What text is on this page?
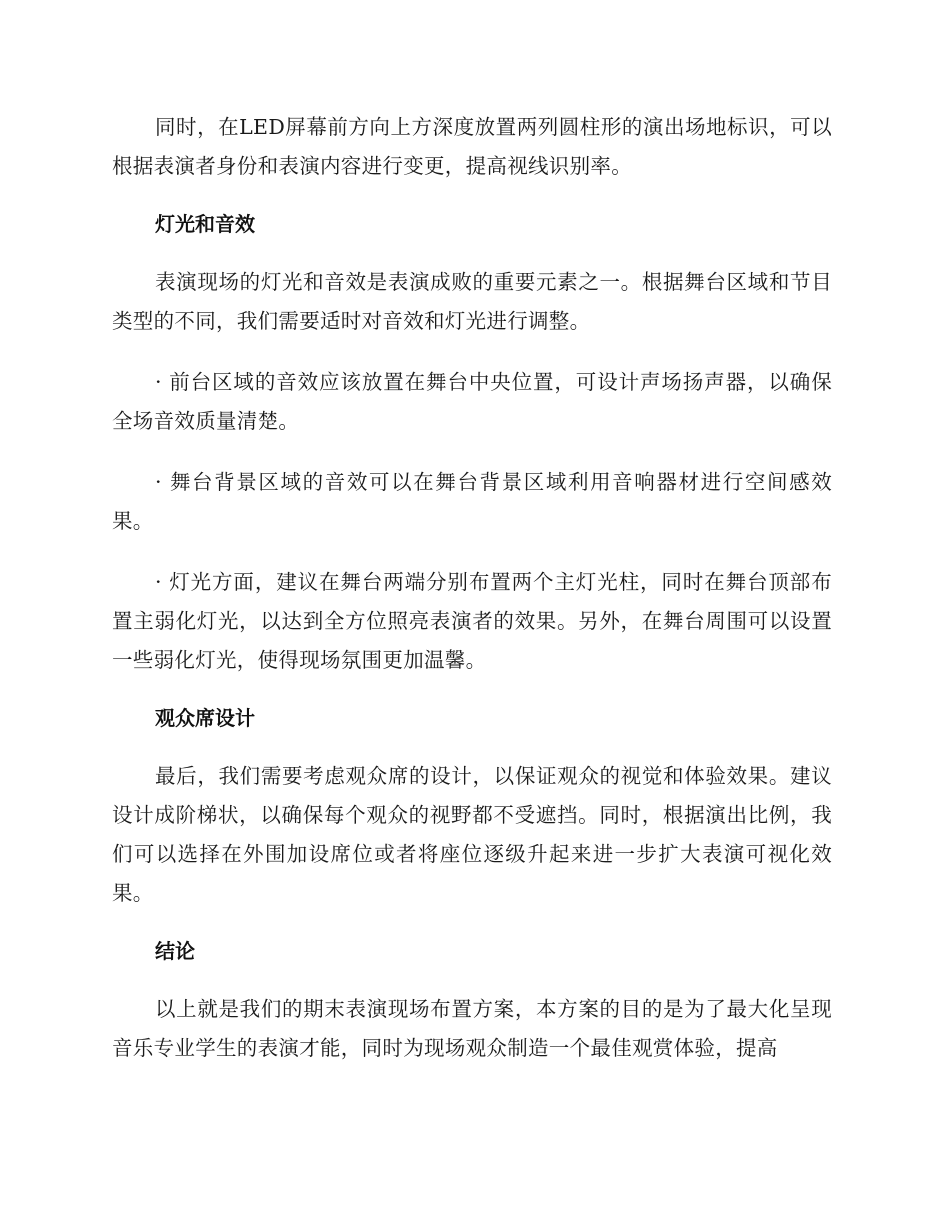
同时，在LED屏幕前方向上方深度放置两列圆柱形的演出场地标识，可以根据表演者身份和表演内容进行变更，提高视线识别率。

灯光和音效

表演现场的灯光和音效是表演成败的重要元素之一。根据舞台区域和节目类型的不同，我们需要适时对音效和灯光进行调整。

· 前台区域的音效应该放置在舞台中央位置，可设计声场扬声器，以确保全场音效质量清楚。

· 舞台背景区域的音效可以在舞台背景区域利用音响器材进行空间感效果。

· 灯光方面，建议在舞台两端分别布置两个主灯光柱，同时在舞台顶部布置主弱化灯光，以达到全方位照亮表演者的效果。另外，在舞台周围可以设置一些弱化灯光，使得现场氛围更加温馨。

观众席设计

最后，我们需要考虑观众席的设计，以保证观众的视觉和体验效果。建议设计成阶梯状，以确保每个观众的视野都不受遮挡。同时，根据演出比例，我们可以选择在外围加设席位或者将座位逐级升起来进一步扩大表演可视化效果。

结论

以上就是我们的期末表演现场布置方案，本方案的目的是为了最大化呈现音乐专业学生的表演才能，同时为现场观众制造一个最佳观赏体验，提高
